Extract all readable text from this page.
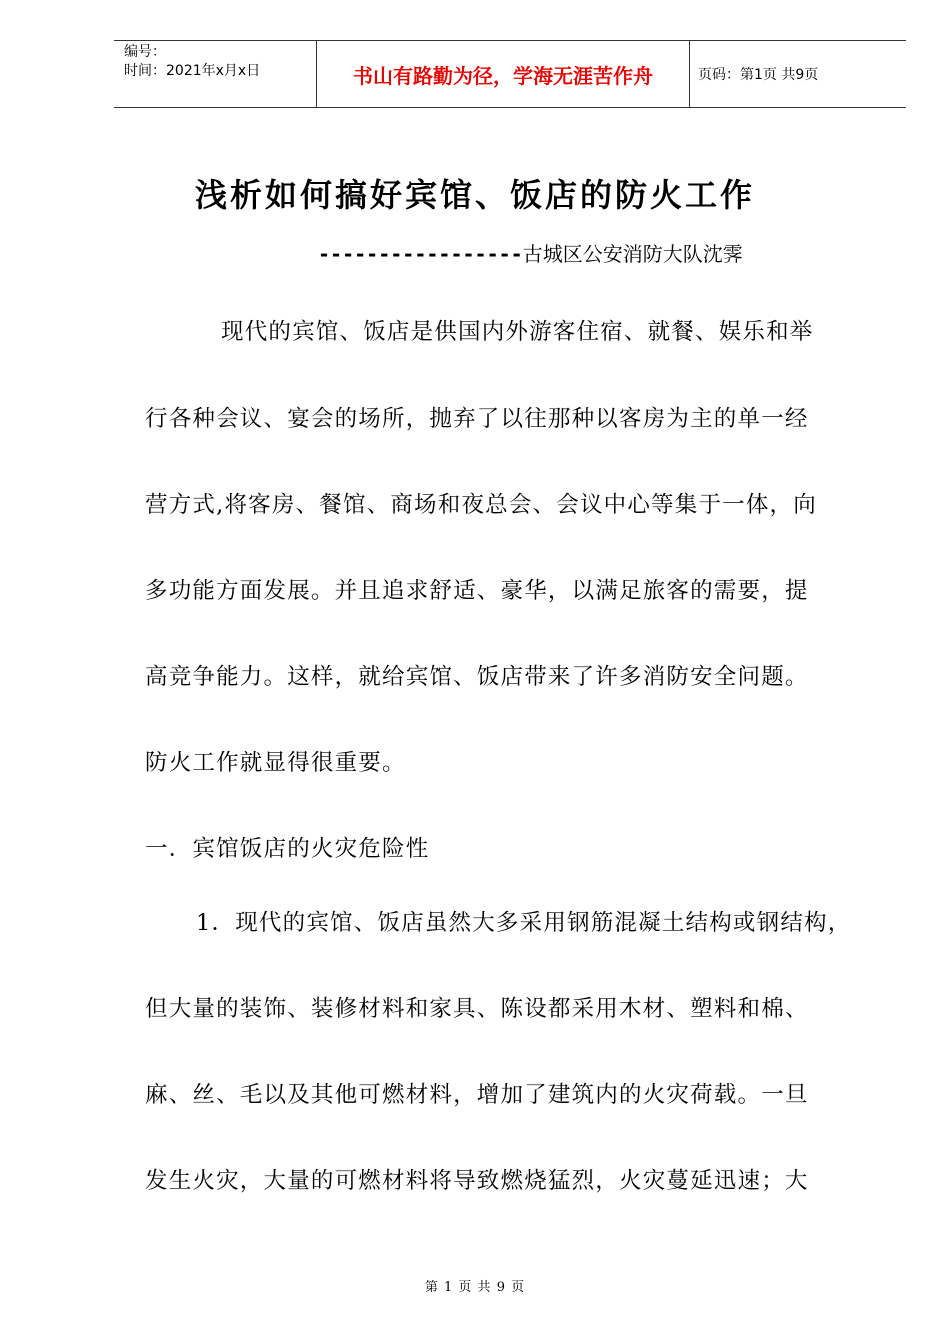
编号：
时间：2021年x月x日	书山有路勤为径，学海无涯苦作舟	页码：第1页 共9页
浅析如何搞好宾馆、饭店的防火工作
-----------------古城区公安消防大队沈霁
现代的宾馆、饭店是供国内外游客住宿、就餐、娱乐和举
行各种会议、宴会的场所，抛弃了以往那种以客房为主的单一经
营方式,将客房、餐馆、商场和夜总会、会议中心等集于一体，向
多功能方面发展。并且追求舒适、豪华，以满足旅客的需要，提
高竞争能力。这样，就给宾馆、饭店带来了许多消防安全问题。
防火工作就显得很重要。
一．宾馆饭店的火灾危险性
1．现代的宾馆、饭店虽然大多采用钢筋混凝土结构或钢结构，
但大量的装饰、装修材料和家具、陈设都采用木材、塑料和棉、
麻、丝、毛以及其他可燃材料，增加了建筑内的火灾荷载。一旦
发生火灾，大量的可燃材料将导致燃烧猛烈，火灾蔓延迅速；大
第 1 页 共 9 页
